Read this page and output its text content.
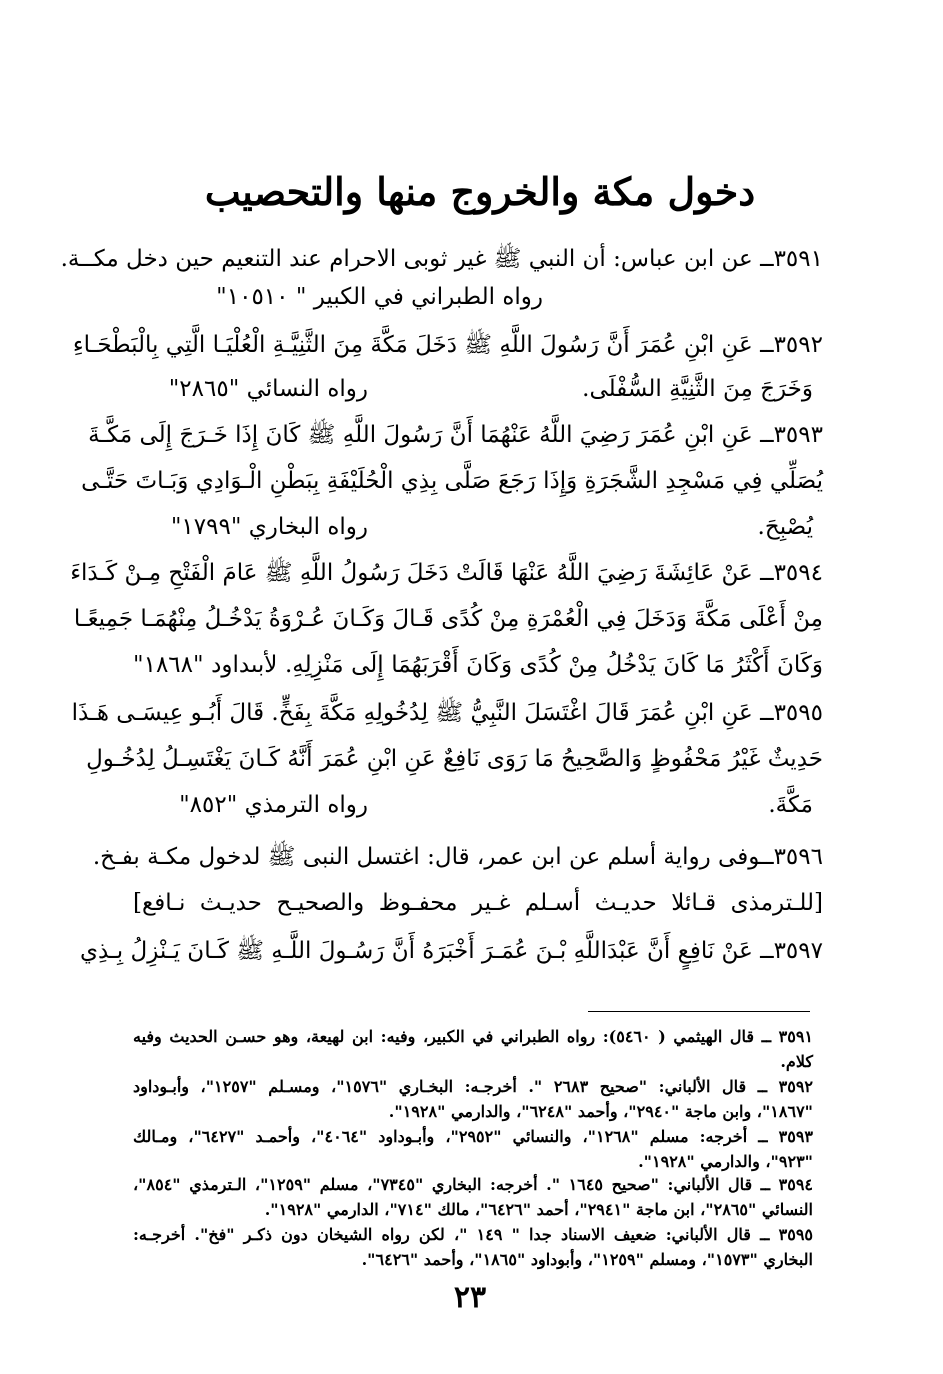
دخول مكة والخروج منها والتحصيب
٣٥٩١ــ عن ابن عباس: أن النبي ﷺ غير ثوبى الاحرام عند التنعيم حين دخل مكــة.
رواه الطبراني في الكبير " ١٠٥١٠"
٣٥٩٢ــ عَنِ ابْنِ عُمَرَ أَنَّ رَسُولَ اللَّهِ ﷺ دَخَلَ مَكَّةَ مِنَ الثَّنِيَّـةِ الْعُلْيَـا الَّتِي بِالْبَطْحَـاءِ
وَخَرَجَ مِنَ الثَّنِيَّةِ السُّفْلَى.
رواه النسائي "٢٨٦٥"
٣٥٩٣ــ عَنِ ابْنِ عُمَرَ رَضِيَ اللَّهُ عَنْهُمَا أَنَّ رَسُولَ اللَّهِ ﷺ كَانَ إِذَا خَـرَجَ إِلَى مَكَّـةَ
يُصَلِّي فِي مَسْجِدِ الشَّجَرَةِ وَإِذَا رَجَعَ صَلَّى بِذِي الْحُلَيْفَةِ بِبَطْنِ الْـوَادِي وَبَـاتَ حَتَّـى
يُصْبِحَ.
رواه البخاري "١٧٩٩"
٣٥٩٤ــ عَنْ عَائِشَةَ رَضِيَ اللَّهُ عَنْهَا قَالَتْ دَخَلَ رَسُولُ اللَّهِ ﷺ عَامَ الْفَتْحِ مِـنْ كَـدَاءَ
مِنْ أَعْلَى مَكَّةَ وَدَخَلَ فِي الْعُمْرَةِ مِنْ كُدًى قَـالَ وَكَـانَ عُـرْوَةُ يَدْخُـلُ مِنْهُمَـا جَمِيعًـا
وَكَانَ أَكْثَرُ مَا كَانَ يَدْخُلُ مِنْ كُدًى وَكَانَ أَقْرَبَهُمَا إِلَى مَنْزِلِهِ. لأبىداود "١٨٦٨"
٣٥٩٥ــ عَنِ ابْنِ عُمَرَ قَالَ اغْتَسَلَ النَّبِيُّ ﷺ لِدُخُولِهِ مَكَّةَ بِفَخٍّ. قَالَ أَبُـو عِيسَـى هَـذَا
حَدِيثٌ غَيْرُ مَحْفُوظٍ وَالصَّحِيحُ مَا رَوَى نَافِعٌ عَنِ ابْنِ عُمَرَ أَنَّهُ كَـانَ يَغْتَسِـلُ لِدُخُـولِ
مَكَّةَ.
رواه الترمذي "٨٥٢"
٣٥٩٦ــوفى رواية أسلم عن ابن عمر، قال: اغتسل النبى ﷺ لدخول مكـة بفـخ.
[للـترمذى قـائلا حديـث أسـلم غـير محفـوظ والصحيـح حديـث نـافع]
٣٥٩٧ــ عَنْ نَافِعٍ أَنَّ عَبْدَاللَّهِ بْـنَ عُمَـرَ أَخْبَرَهُ أَنَّ رَسُـولَ اللَّـهِ ﷺ كَـانَ يَـنْزِلُ بِـذِي
٣٥٩١ ــ قال الهيثمي ( ٥٤٦٠): رواه الطبراني في الكبير، وفيه: ابن لهيعة، وهو حسـن الحديث وفيه
كلام.
٣٥٩٢ ــ قال الألباني: "صحيح ٢٦٨٣ ". أخرجـه: البخـاري "١٥٧٦"، ومسـلم "١٢٥٧"، وأبـوداود
"١٨٦٧"، وابن ماجة "٢٩٤٠"، وأحمد "٦٢٤٨"، والدارمي "١٩٢٨".
٣٥٩٣ ــ أخرجه: مسلم "١٢٦٨"، والنسائي "٢٩٥٢"، وأبـوداود "٤٠٦٤"، وأحمـد "٦٤٢٧"، ومـالك
"٩٢٣"، والدارمي "١٩٢٨".
٣٥٩٤ ــ قال الألباني: "صحيح ١٦٤٥ ". أخرجه: البخاري "٧٣٤٥"، مسلم "١٢٥٩"، الـترمذي "٨٥٤"،
النسائي "٢٨٦٥"، ابن ماجة "٢٩٤١"، أحمد "٦٤٢٦"، مالك "٧١٤"، الدارمي "١٩٢٨".
٣٥٩٥ ــ قال الألباني: ضعيف الاسناد جدا " ١٤٩ "، لكن رواه الشيخان دون ذكـر "فخ". أخرجـه:
البخاري "١٥٧٣"، ومسلم "١٢٥٩"، وأبوداود "١٨٦٥"، وأحمد "٦٤٢٦".
٢٣
